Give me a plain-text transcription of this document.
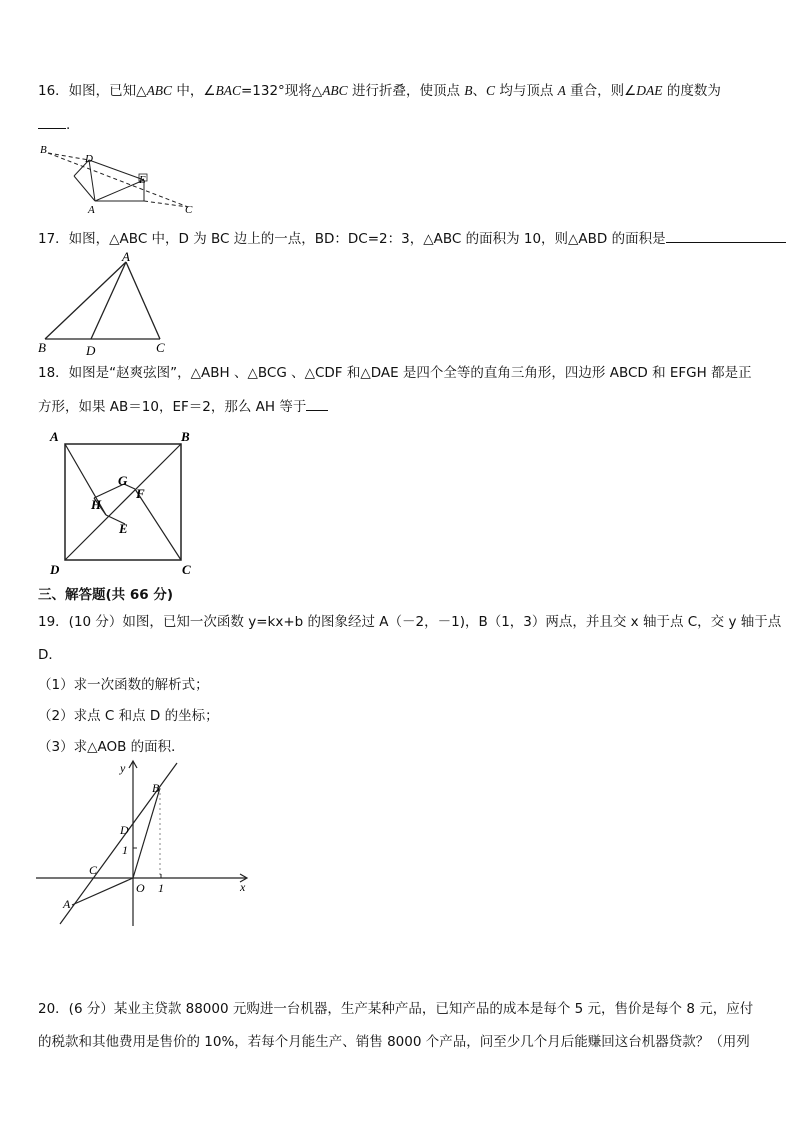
16．如图，已知△ABC 中，∠BAC=132°现将△ABC 进行折叠，使顶点 B、C 均与顶点 A 重合，则∠DAE 的度数为
.
B
D
E
A	C
17．如图，△ABC 中，D 为 BC 边上的一点，BD：DC=2：3，△ABC 的面积为 10，则△ABD 的面积是
A
B	D	C
18．如图是“赵爽弦图”，△ABH 、△BCG 、△CDF 和△DAE 是四个全等的直角三角形，四边形 ABCD 和 EFGH 都是正
方形，如果 AB＝10，EF＝2，那么 AH 等于
A	B
D	C
G
F
H
E
三、解答题(共 66 分)
19．(10 分）如图，已知一次函数 y=kx+b 的图象经过 A（－2，－1)，B（1，3）两点，并且交 x 轴于点 C，交 y 轴于点
D．
（1）求一次函数的解析式；
（2）求点 C 和点 D 的坐标；
（3）求△AOB 的面积．
y
x
B
D
1
C
O 1
A
20．(6 分）某业主贷款 88000 元购进一台机器，生产某种产品，已知产品的成本是每个 5 元，售价是每个 8 元，应付
的税款和其他费用是售价的 10%，若每个月能生产、销售 8000 个产品，问至少几个月后能赚回这台机器贷款？（用列
